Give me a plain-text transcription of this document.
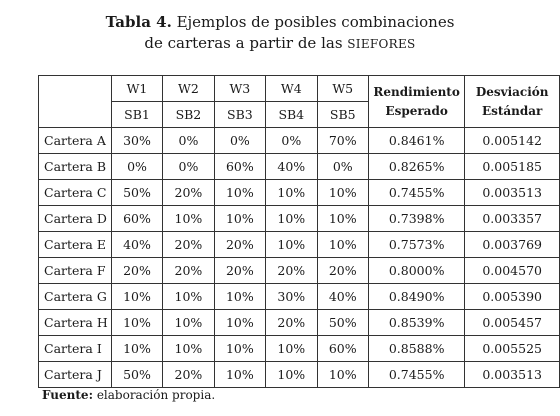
Tabla 4. Ejemplos de posibles combinaciones
de carteras a partir de las SIEFORES
	W1	W2	W3	W4	W5	Rendimiento Esperado	Desviación Estándar
	SB1	SB2	SB3	SB4	SB5		
Cartera A	30%	0%	0%	0%	70%	0.8461%	0.005142
Cartera B	0%	0%	60%	40%	0%	0.8265%	0.005185
Cartera C	50%	20%	10%	10%	10%	0.7455%	0.003513
Cartera D	60%	10%	10%	10%	10%	0.7398%	0.003357
Cartera E	40%	20%	20%	10%	10%	0.7573%	0.003769
Cartera F	20%	20%	20%	20%	20%	0.8000%	0.004570
Cartera G	10%	10%	10%	30%	40%	0.8490%	0.005390
Cartera H	10%	10%	10%	20%	50%	0.8539%	0.005457
Cartera I	10%	10%	10%	10%	60%	0.8588%	0.005525
Cartera J	50%	20%	10%	10%	10%	0.7455%	0.003513
Fuente: elaboración propia.
